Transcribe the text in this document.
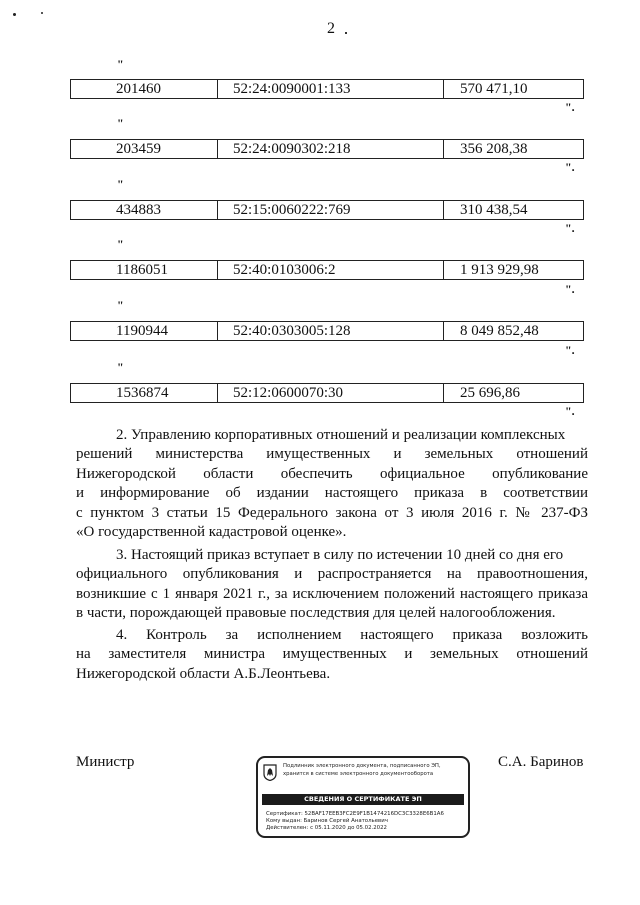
2
"
201460	52:24:0090001:133	570 471,10
".
"
203459	52:24:0090302:218	356 208,38
".
"
434883	52:15:0060222:769	310 438,54
".
"
1186051	52:40:0103006:2	1 913 929,98
".
"
1190944	52:40:0303005:128	8 049 852,48
".
"
1536874	52:12:0600070:30	25 696,86
".
2. Управлению корпоративных отношений и реализации комплексных
решений министерства имущественных и земельных отношений
Нижегородской области обеспечить официальное опубликование
и информирование об издании настоящего приказа в соответствии
с пунктом 3 статьи 15 Федерального закона от 3 июля 2016 г. № 237-ФЗ
«О государственной кадастровой оценке».
3. Настоящий приказ вступает в силу по истечении 10 дней со дня его
официального опубликования и распространяется на правоотношения,
возникшие с 1 января 2021 г., за исключением положений настоящего приказа
в части, порождающей правовые последствия для целей налогообложения.
4. Контроль за исполнением настоящего приказа возложить
на заместителя министра имущественных и земельных отношений
Нижегородской области А.Б.Леонтьева.
Министр	С.А. Баринов
Подлинник электронного документа, подписанного ЭП,
хранится в системе электронного документооборота
СВЕДЕНИЯ О СЕРТИФИКАТЕ ЭП
Сертификат: 52BAF17EEB3FC2E9F1B1474216DC3C3328E6B1A6
Кому выдан: Баринов Сергей Анатольевич
Действителен: с 05.11.2020 до 05.02.2022
